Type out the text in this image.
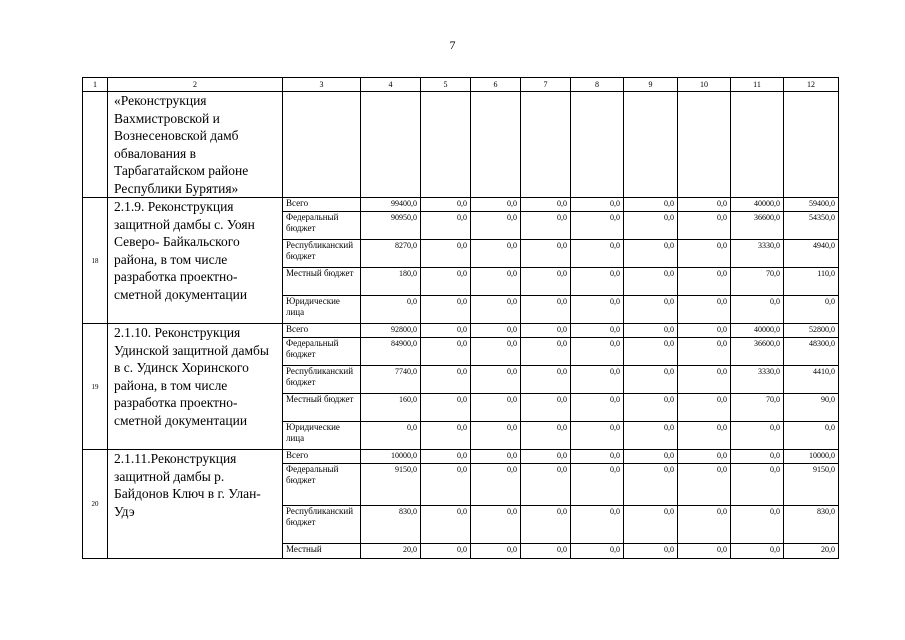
7
1	2	3	4	5	6	7	8	9	10	11	12
	«Реконструкция Вахмистровской и Вознесеновской дамб обвалования в Тарбагатайском районе Республики Бурятия»										
18	2.1.9. Реконструкция защитной дамбы с. Уоян Северо- Байкальского района, в том числе разработка проектно-сметной документации	Всего	99400,0	0,0	0,0	0,0	0,0	0,0	0,0	40000,0	59400,0
		Федеральный бюджет	90950,0	0,0	0,0	0,0	0,0	0,0	0,0	36600,0	54350,0
		Республиканский бюджет	8270,0	0,0	0,0	0,0	0,0	0,0	0,0	3330,0	4940,0
		Местный бюджет	180,0	0,0	0,0	0,0	0,0	0,0	0,0	70,0	110,0
		Юридические лица	0,0	0,0	0,0	0,0	0,0	0,0	0,0	0,0	0,0
19	2.1.10. Реконструкция Удинской защитной дамбы в с. Удинск Хоринского района, в том числе разработка проектно-сметной документации	Всего	92800,0	0,0	0,0	0,0	0,0	0,0	0,0	40000,0	52800,0
		Федеральный бюджет	84900,0	0,0	0,0	0,0	0,0	0,0	0,0	36600,0	48300,0
		Республиканский бюджет	7740,0	0,0	0,0	0,0	0,0	0,0	0,0	3330,0	4410,0
		Местный бюджет	160,0	0,0	0,0	0,0	0,0	0,0	0,0	70,0	90,0
		Юридические лица	0,0	0,0	0,0	0,0	0,0	0,0	0,0	0,0	0,0
20	2.1.11.Реконструкция защитной дамбы р. Байдонов Ключ в г. Улан-Удэ	Всего	10000,0	0,0	0,0	0,0	0,0	0,0	0,0	0,0	10000,0
		Федеральный бюджет	9150,0	0,0	0,0	0,0	0,0	0,0	0,0	0,0	9150,0
		Республиканский бюджет	830,0	0,0	0,0	0,0	0,0	0,0	0,0	0,0	830,0
		Местный	20,0	0,0	0,0	0,0	0,0	0,0	0,0	0,0	20,0
